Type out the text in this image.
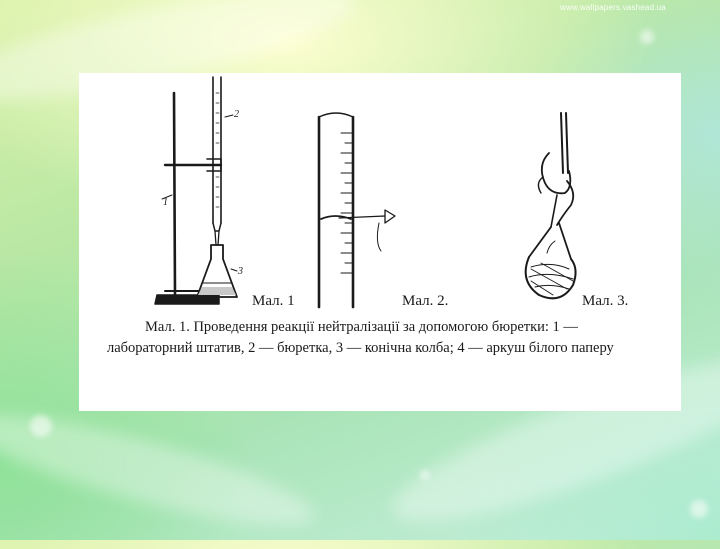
www.wallpapers.vashead.ua
1
2
3
Мал. 1	Мал. 2.	Мал. 3.
Мал. 1. Проведення реакції нейтралізації за допомогою бюретки: 1 —
лабораторний штатив, 2 — бюретка, 3 — конічна колба; 4 — аркуш білого паперу
